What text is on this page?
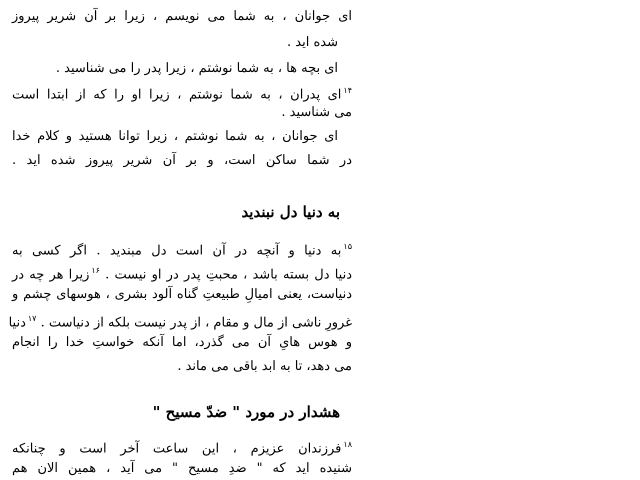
ای جوانان ، به شما می نویسم ، زیرا بر آن شریر پیروز
شده اید .
ای بچه ها ، به شما نوشتم ، زیرا پدر را می شناسید .
$^{۱۴}$ای پدران ، به شما نوشتم ، زیرا او را که از ابتدا است
می شناسید .
ای جوانان ، به شما نوشتم ، زیرا توانا هستید و کلام خدا
در شما ساکن است، و بر آن شریر پیروز شده اید .
به دنیا دل نبندید
$^{۱۵}$به دنیا و آنچه در آن است دل مبندید . اگر کسی به
دنیا دل بسته باشد ، محبتِ پدر در او نیست . $^{۱۶}$زیرا هر چه در
دنیاست، یعنی امیالِ طبیعتِ گناه آلود بشری ، هوسهای چشم و
غرورِ ناشی از مال و مقام ، از پدر نیست بلکه از دنیاست . $^{۱۷}$دنیا
و هوس هایِ آن می گذرد، اما آنکه خواستِ خدا را انجام
می دهد، تا به ابد باقی می ماند .
هشدار در مورد " ضدّ مسیح "
$^{۱۸}$فرزندان عزیزم ، این ساعت آخر است و چنانکه
شنیده اید که " ضدِ مسیح " می آید ، همین الان هم
